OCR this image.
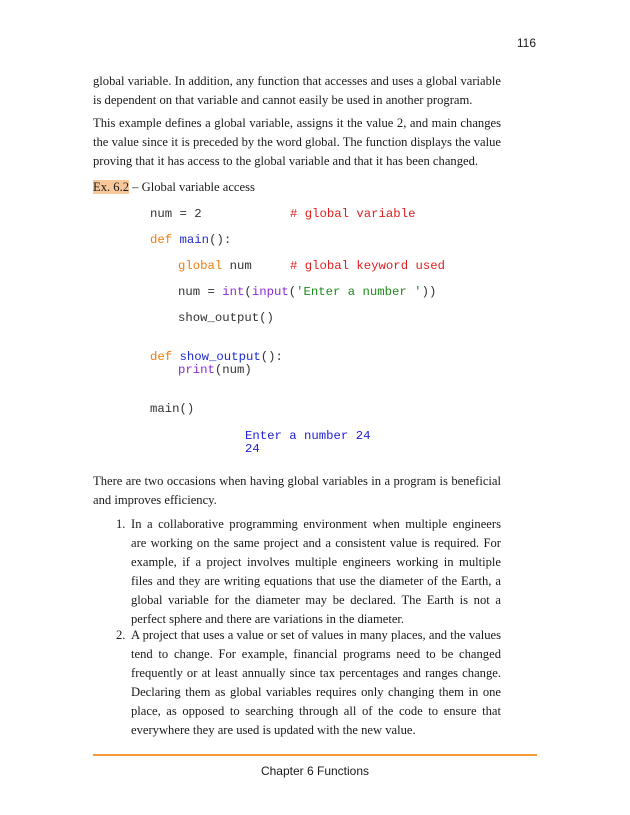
116

global variable. In addition, any function that accesses and uses a global variable is dependent on that variable and cannot easily be used in another program.

This example defines a global variable, assigns it the value 2, and main changes the value since it is preceded by the word global. The function displays the value proving that it has access to the global variable and that it has been changed.

Ex. 6.2 – Global variable access
num = 2	# global variable
def main():
global num	# global keyword used
num = int(input('Enter a number '))
show_output()
def show_output():
print(num)
main()
Enter a number 24
24

There are two occasions when having global variables in a program is beneficial and improves efficiency.

1. In a collaborative programming environment when multiple engineers are working on the same project and a consistent value is required. For example, if a project involves multiple engineers working in multiple files and they are writing equations that use the diameter of the Earth, a global variable for the diameter may be declared. The Earth is not a perfect sphere and there are variations in the diameter.
2. A project that uses a value or set of values in many places, and the values tend to change. For example, financial programs need to be changed frequently or at least annually since tax percentages and ranges change. Declaring them as global variables requires only changing them in one place, as opposed to searching through all of the code to ensure that everywhere they are used is updated with the new value.
Chapter 6 Functions
